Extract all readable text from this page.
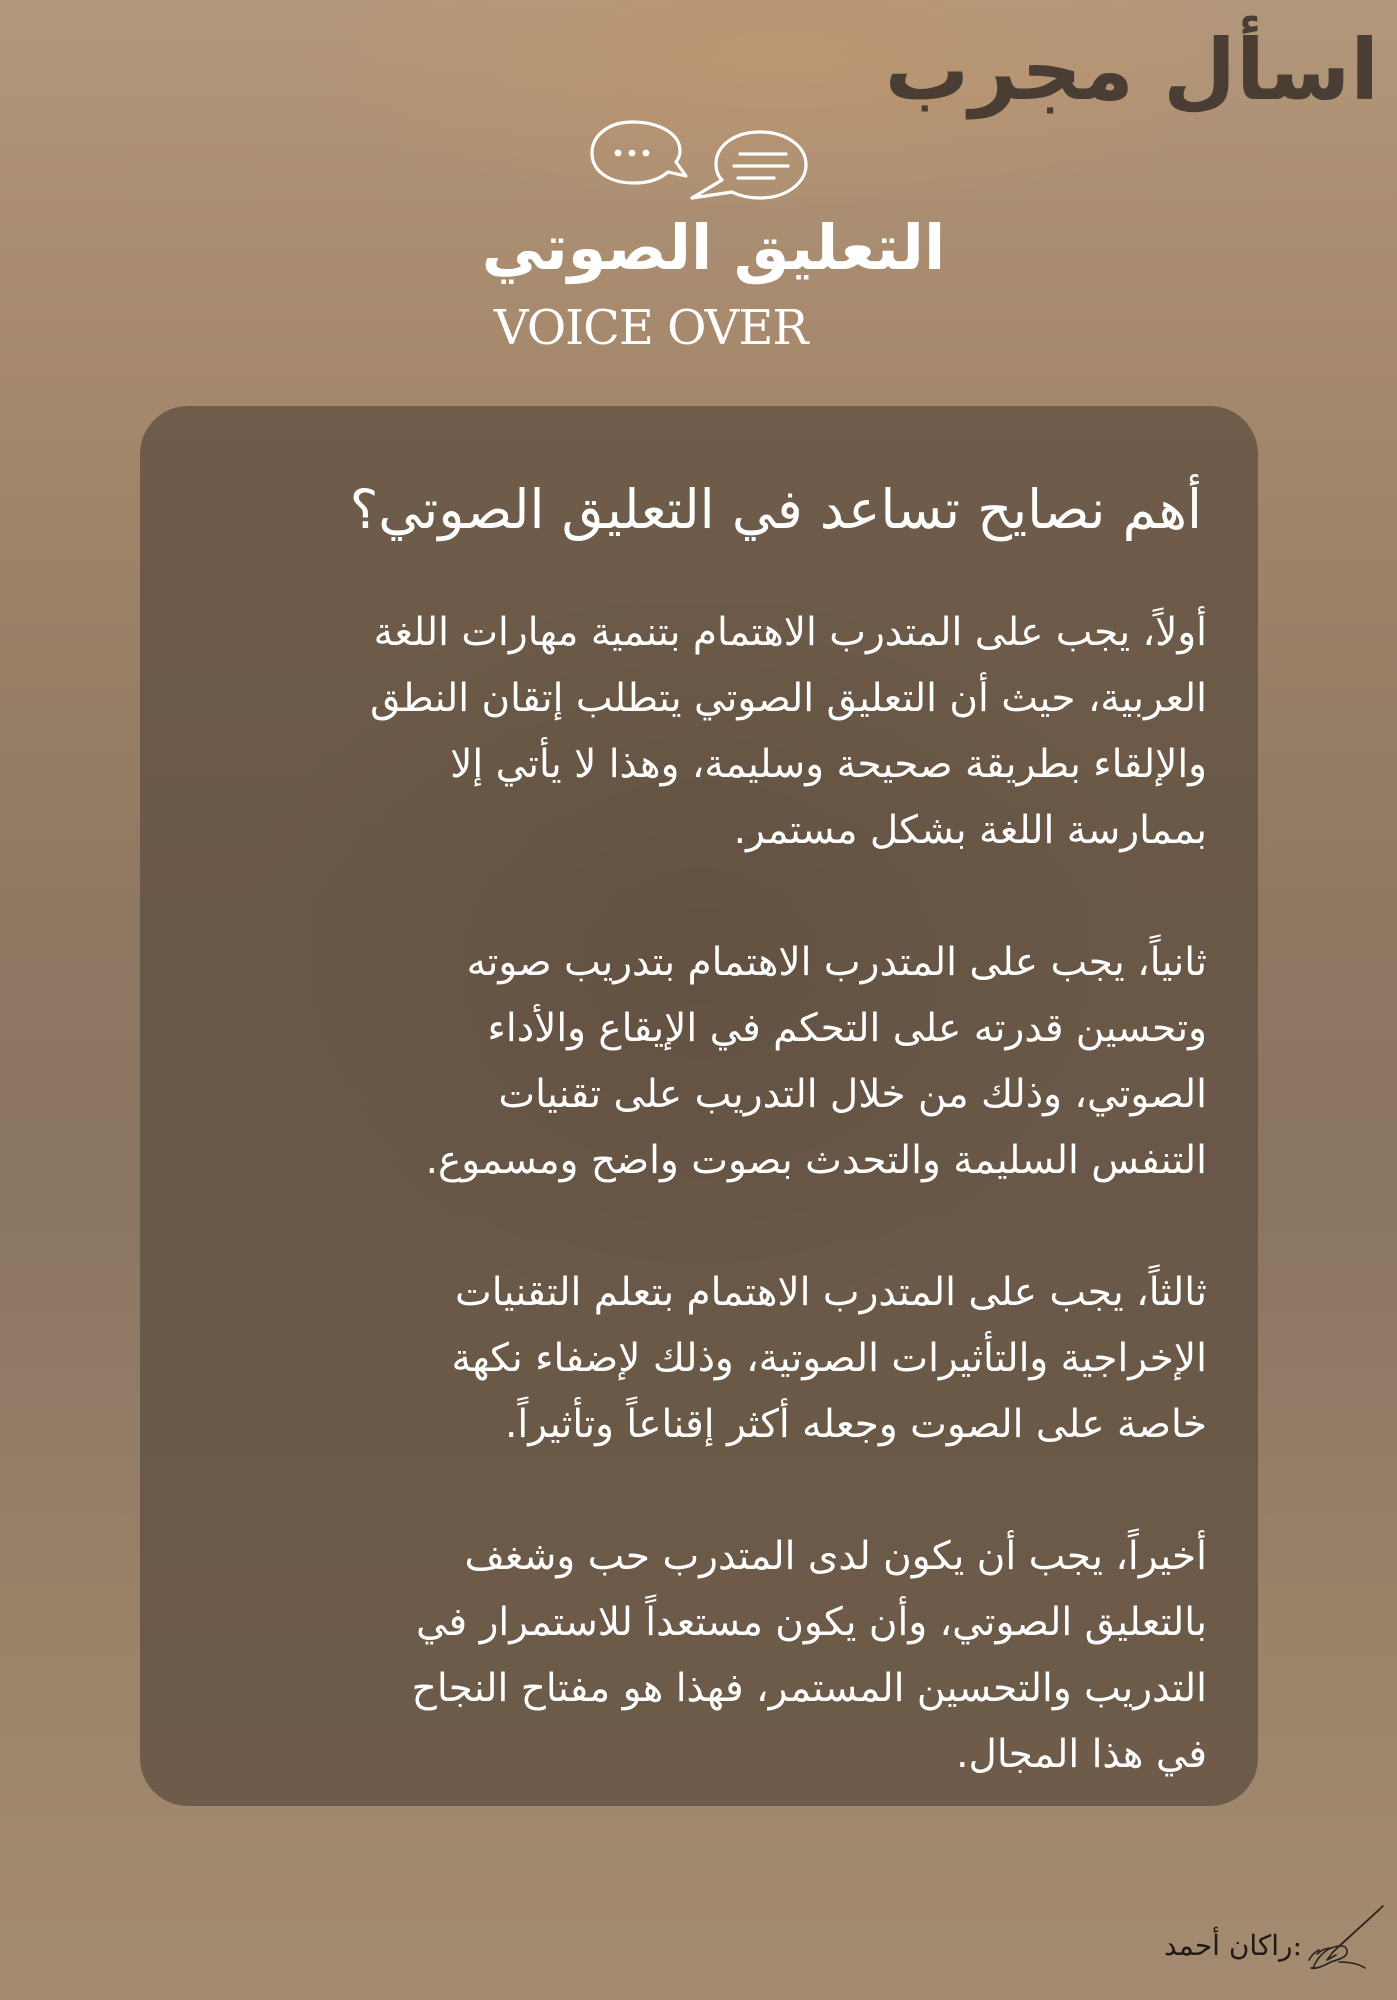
اسأل مجرب
التعليق الصوتي
VOICE OVER
أهم نصايح تساعد في التعليق الصوتي؟
أولاً، يجب على المتدرب الاهتمام بتنمية مهارات اللغة
العربية، حيث أن التعليق الصوتي يتطلب إتقان النطق
والإلقاء بطريقة صحيحة وسليمة، وهذا لا يأتي إلا
بممارسة اللغة بشكل مستمر.
ثانياً، يجب على المتدرب الاهتمام بتدريب صوته
وتحسين قدرته على التحكم في الإيقاع والأداء
الصوتي، وذلك من خلال التدريب على تقنيات
التنفس السليمة والتحدث بصوت واضح ومسموع.
ثالثاً، يجب على المتدرب الاهتمام بتعلم التقنيات
الإخراجية والتأثيرات الصوتية، وذلك لإضفاء نكهة
خاصة على الصوت وجعله أكثر إقناعاً وتأثيراً.
أخيراً، يجب أن يكون لدى المتدرب حب وشغف
بالتعليق الصوتي، وأن يكون مستعداً للاستمرار في
التدريب والتحسين المستمر، فهذا هو مفتاح النجاح
في هذا المجال.
:راكان أحمد
